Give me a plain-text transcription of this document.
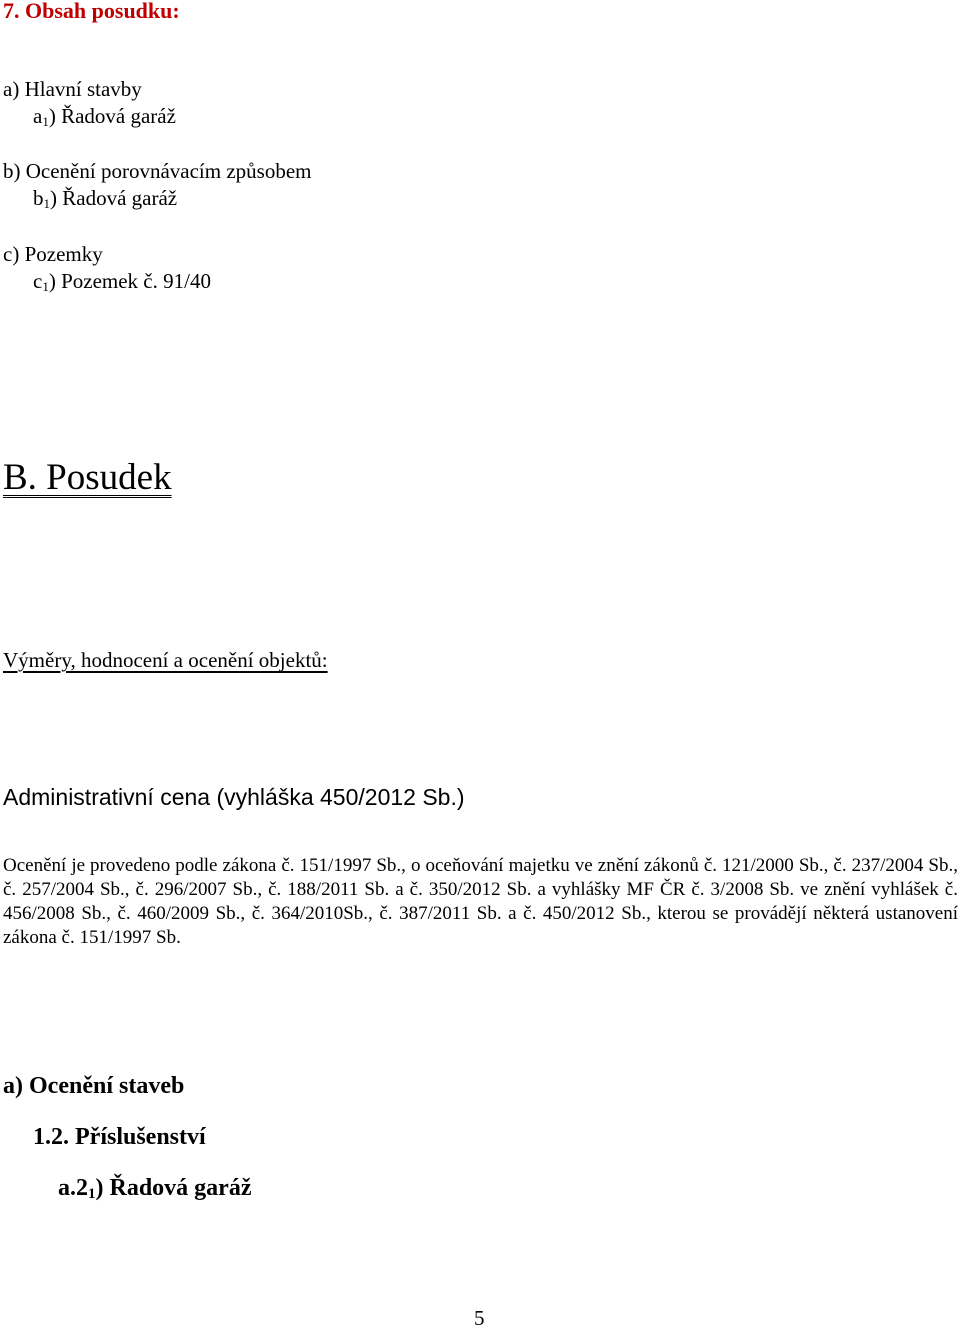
7. Obsah posudku:
a) Hlavní stavby
$a_1$) Řadová garáž
b) Ocenění porovnávacím způsobem
$b_1$) Řadová garáž
c) Pozemky
$c_1$) Pozemek č. 91/40
B. Posudek
Výměry, hodnocení a ocenění objektů:
Administrativní cena (vyhláška 450/2012 Sb.)

Ocenění je provedeno podle zákona č. 151/1997 Sb., o oceňování majetku ve znění zákonů č. 121/2000 Sb., č. 237/2004 Sb., č. 257/2004 Sb., č. 296/2007 Sb., č. 188/2011 Sb. a č. 350/2012 Sb. a vyhlášky MF ČR č. 3/2008 Sb. ve znění vyhlášek č. 456/2008 Sb., č. 460/2009 Sb., č. 364/2010Sb., č. 387/2011 Sb. a č. 450/2012 Sb., kterou se provádějí některá ustanovení zákona č. 151/1997 Sb.

a) Ocenění staveb
1.2. Příslušenství
$a.2_1$) Řadová garáž
5
